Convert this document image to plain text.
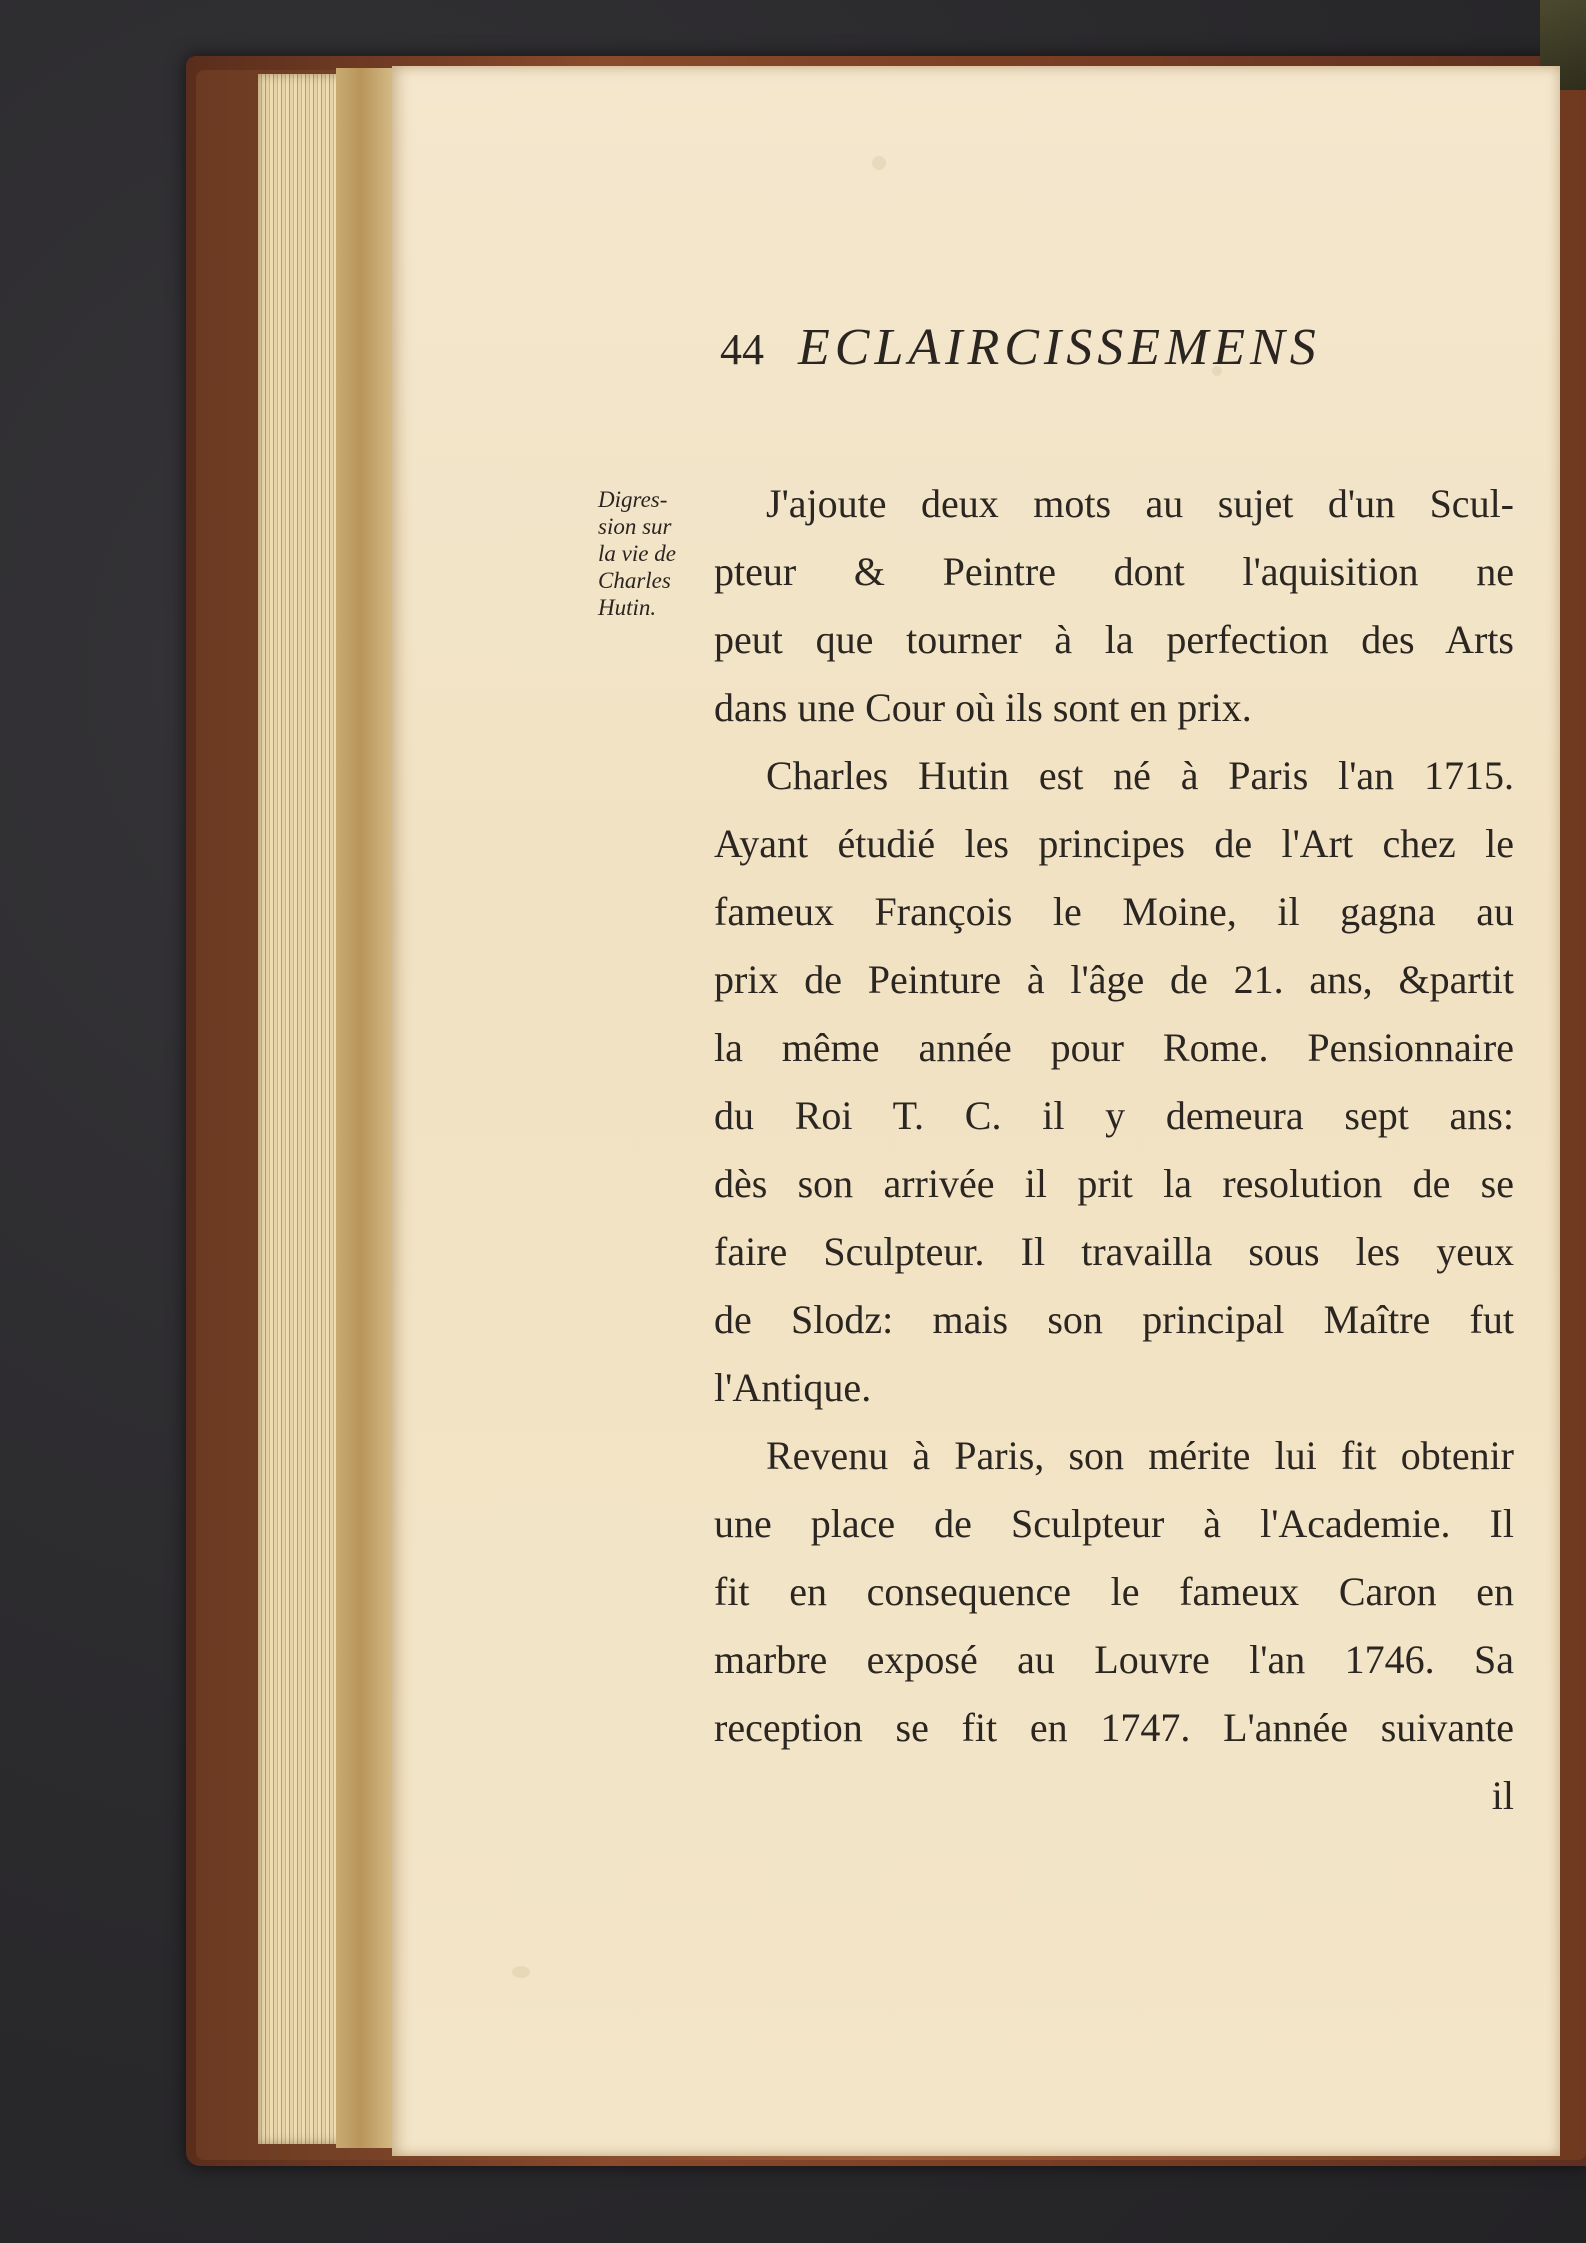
44 ECLAIRCISSEMENS
Digres-
sion sur
la vie de
Charles
Hutin.
J'ajoute deux mots au sujet d'un Scul-
pteur & Peintre dont l'aquisition ne
peut que tourner à la perfection des Arts
dans une Cour où ils sont en prix.
Charles Hutin est né à Paris l'an 1715.
Ayant étudié les principes de l'Art chez le
fameux François le Moine, il gagna au
prix de Peinture à l'âge de 21. ans, &partit
la même année pour Rome. Pensionnaire
du Roi T. C. il y demeura sept ans:
dès son arrivée il prit la resolution de se
faire Sculpteur. Il travailla sous les yeux
de Slodz: mais son principal Maître fut
l'Antique.
Revenu à Paris, son mérite lui fit obtenir
une place de Sculpteur à l'Academie. Il
fit en consequence le fameux Caron en
marbre exposé au Louvre l'an 1746. Sa
reception se fit en 1747. L'année suivante
il
